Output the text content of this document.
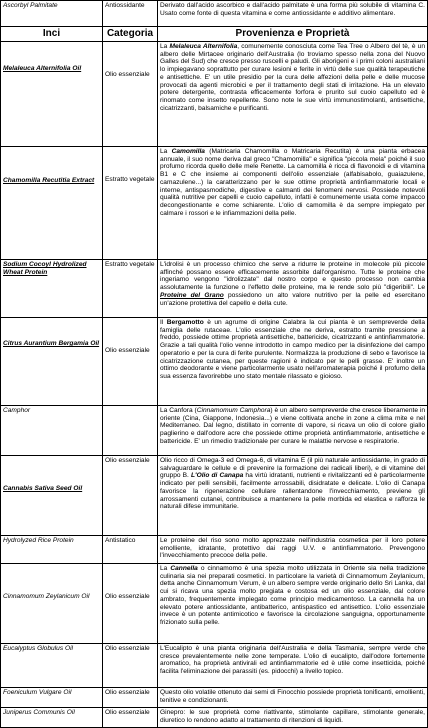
Ascorbyl Palmitate	Antiossidante	Derivato dall'acido ascorbico e dall'acido palmitate è una forma più solubile di vitamina C. Usato come fonte di questa vitamina e come antiossidante e additivo alimentare.
Inci	Categoria	Provenienza e Proprietà

Melaleuca Alternifolia Oil	Olio essenziale	La Melaleuca Alternifolia, comunemente conosciuta come Tea Tree o Albero del tè, è un albero delle Mirtacee originario dell'Australia (lo troviamo spesso nella zona del Nuovo Galles del Sud) che cresce presso ruscelli e paludi. Gli aborigeni e i primi coloni australiani lo impiegavano soprattutto per curare lesioni e ferite in virtù delle sue qualità terapeutiche e antisettiche. E' un utile presidio per la cura delle affezioni della pelle e delle mucose provocati da agenti microbici e per il trattamento degli stati di irritazione. Ha un elevato potere detergente, contrasta efficacemente forfora e prurito sul cuoio capelluto ed è rinomato come insetto repellente. Sono note le sue virtù immunostimolanti, antisettiche, cicatrizzanti, balsamiche e purificanti.

Chamomilla Recutitia Extract	Estratto vegetale	La Camomilla (Matricaria Chamomilla o Matricaria Recutita) è una pianta erbacea annuale, il suo nome deriva dal greco "Chamomilla" e significa "piccola mela" poiché il suo profumo ricorda quello delle mele Renette. La camomilla è ricca di flavonoidi e di vitamina B1 e C che insieme ai componenti dell'olio essenziale (alfabisabolo, guaiazulene, camazulene...) la caratterizzano per le sue ottime proprietà antinfiammatorie locali e interne, antispasmodiche, digestive e calmanti dei fenomeni nervosi. Possiede notevoli qualità nutritive per capelli e cuoio capelluto, infatti è comunemente usata come impacco decongestionante e come schiarente. L'olio di camomilla è da sempre impiegato per calmare i rossori e le infiammazioni della pelle.
Sodium Cocoyl Hydrolized Wheat Protein	Estratto vegetale	L'idrolisi è un processo chimico che serve a ridurre le proteine in molecole più piccole affinché possano essere efficacemente assorbite dall'organismo. Tutte le proteine che ingeriamo vengono "idrolizzate" dal nostro corpo e questo processo non cambia assolutamente la funzione o l'effetto delle proteine, ma le rende solo più "digeribili". Le Proteine del Grano possiedono un alto valore nutritivo per la pelle ed esercitano un'azione protettiva del capello e della cute.

Citrus Aurantium Bergamia Oil	Olio essenziale	Il Bergamotto è un agrume di origine Calabra la cui pianta è un sempreverde della famiglia delle rutaceae. L'olio essenziale che ne deriva, estratto tramite pressione a freddo, possiede ottime proprietà antisettiche, battericide, cicatrizzanti e antinfiammatorie. Grazie a tali qualità l'olio venne introdotto in campo medico per la disinfezione del campo operatorio e per la cura di ferite purulente. Normalizza la produzione di sebo e favorisce la cicatrizzazione cutanea, per queste ragioni è indicato per le pelli grasse. E' inoltre un ottimo deodorante e viene particolarmente usato nell'aromaterapia poiché il profumo della sua essenza favorirebbe uno stato mentale rilassato e gioioso.
Camphor		La Canfora (Cinnamomum Camphora) è un albero sempreverde che cresce liberamente in oriente (Cina, Giappone, Indonesia...) e viene coltivata anche in zone a clima mite e nel Mediterraneo. Dal legno, distillato in corrente di vapore, si ricava un olio di colore giallo paglierino e dall'odore acre che possiede ottime proprietà antinfiammatorie, antisettiche e battericide. E' un rimedio tradizionale per curare le malattie nervose e respiratorie.

Cannabis Sativa Seed Oil	Olio essenziale	Olio ricco di Omega-3 ed Omega-6, di vitamina E (il più naturale antiossidante, in grado di salvaguardare le cellule e di prevenire la formazione dei radicali liberi), e di vitamine del gruppo B. L'Olio di Canapa ha virtù idratanti, nutrienti e rivitalizzanti ed è particolarmente indicato per pelli sensibili, facilmente arrossabili, disidratate e delicate. L'olio di Canapa favorisce la rigenerazione cellulare rallentandone l'invecchiamento, previene gli arrossamenti cutanei, contribuisce a mantenere la pelle morbida ed elastica e rafforza le naturali difese immunitarie.
Hydrolyzed Rice Protein	Antistatico	Le proteine del riso sono molto apprezzate nell'industria cosmetica per il loro potere emolliente, idratante, protettivo dai raggi U.V. e antinfiammatorio. Prevengono l'invecchiamento precoce della pelle.

Cinnamomum Zeylanicum Oil	Olio essenziale	La Cannella o cinnamomo è una spezia molto utilizzata in Oriente sia nella tradizione culinaria sia nei preparati cosmetici. In particolare la varietà di Cinnamomum Zeylanicum, detta anche Cinnamomum Verum, è un albero sempre verde originario dello Sri Lanka, dal cui si ricava una spezia molto pregiata e costosa ed un olio essenziale, dal colore ambrato, frequentemente impiegato come principio medicamentoso. La cannella ha un elevato potere antiossidante, antibatterico, antispastico ed antisettico. L'olio essenziale invece è un potente antimicotico e favorisce la circolazione sanguigna, opportunamente frizionato sulla pelle.
Eucalyptus Globulus Oil	Olio essenziale	L'Eucalipto è una pianta originaria dell'Australia e della Tasmania, sempre verde che cresce prevalentemente nelle zone temperate. L'olio di eucalipto, dall'odore fortemente aromatico, ha proprietà antivirali ed antinfiammatorie ed è utile come insetticida, poiché facilita l'eliminazione dei parassiti (es. pidocchi) a livello topico.
Foeniculum Vulgare Oil	Olio essenziale	Questo olio volatile ottenuto dai semi di Finocchio possiede proprietà tonificanti, emollienti, tenitive e condizionanti.
Juniperus Communis Oil	Olio essenziale	Ginepro: le sue proprietà come riattivante, stimolante capillare, stimolante generale, diuretico lo rendono adatto al trattamento di ritenzioni di liquidi.
